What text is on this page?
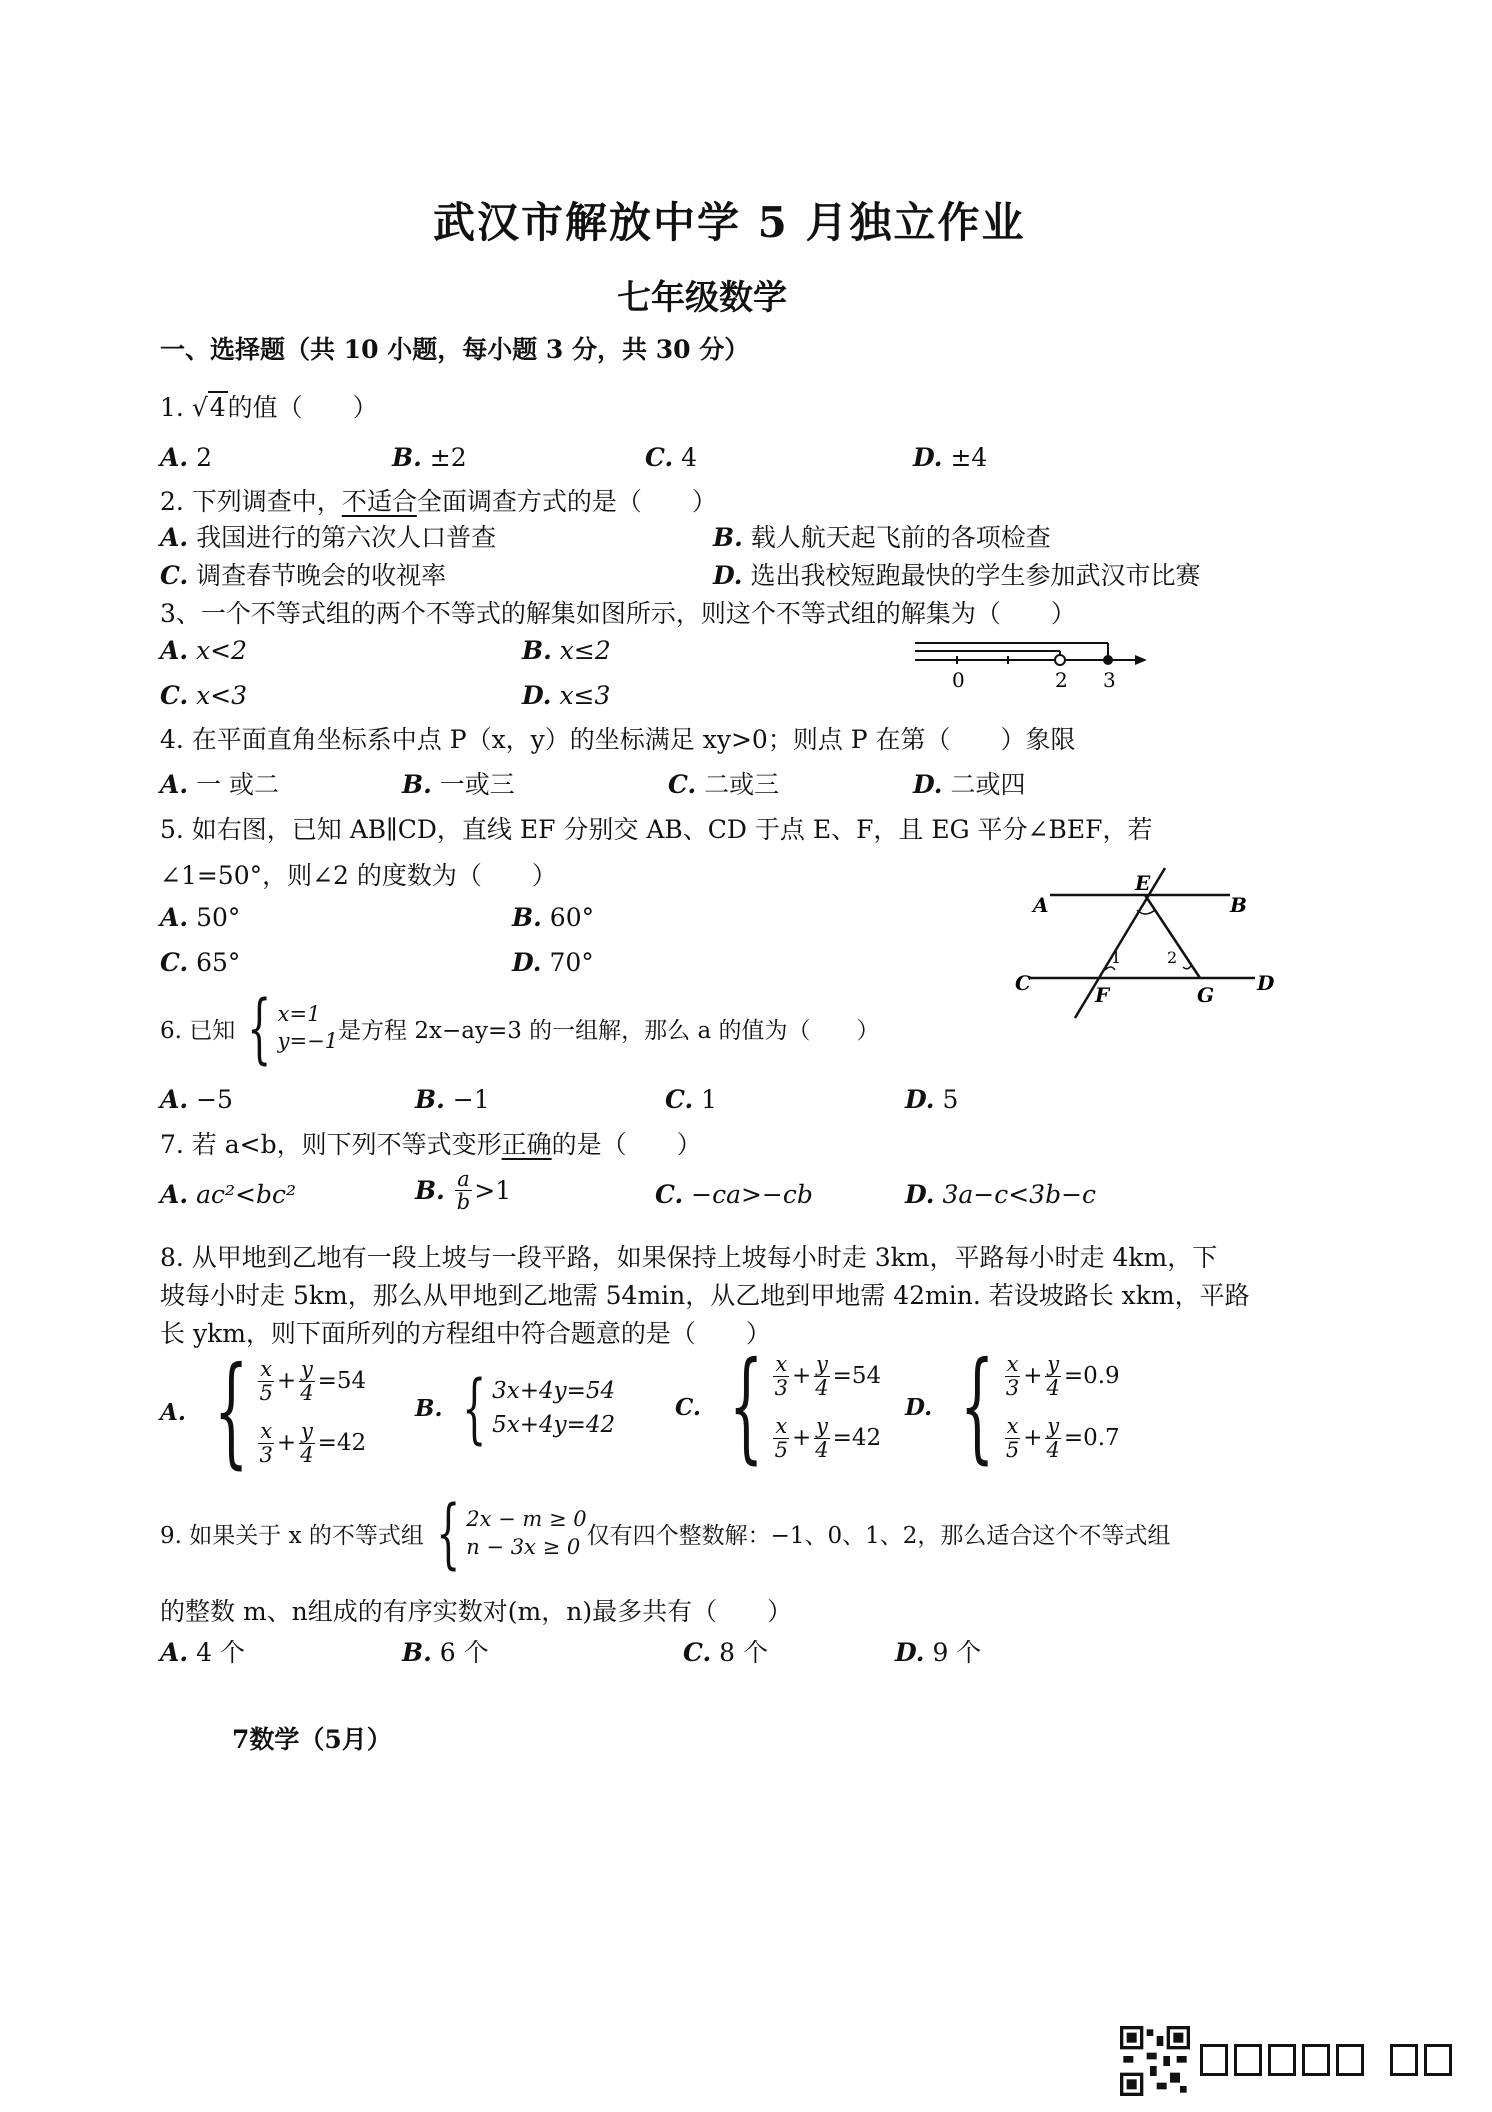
武汉市解放中学 5 月独立作业
七年级数学
一、选择题（共 10 小题，每小题 3 分，共 30 分）
1. √4的值（　　）
A. 2	B. ±2	C. 4	D. ±4
2. 下列调查中，不适合全面调查方式的是（　　）
A. 我国进行的第六次人口普查	B. 载人航天起飞前的各项检查
C. 调查春节晚会的收视率	D. 选出我校短跑最快的学生参加武汉市比赛
3、一个不等式组的两个不等式的解集如图所示，则这个不等式组的解集为（　　）
A. x<2	B. x≤2
C. x<3	D. x≤3
0	2 3
4. 在平面直角坐标系中点 P（x，y）的坐标满足 xy>0；则点 P 在第（　　）象限
A. 一 或二	B. 一或三	C. 二或三	D. 二或四
5. 如右图，已知 AB∥CD，直线 EF 分别交 AB、CD 于点 E、F，且 EG 平分∠BEF，若
∠1=50°，则∠2 的度数为（　　）
A. 50°	B. 60°
C. 65°	D. 70°
E
A	B
C	D
F	G
1	2
6. 已知 { x=1
y=−1 是方程 2x−ay=3 的一组解，那么 a 的值为（　　）
A. −5	B. −1	C. 1	D. 5
7. 若 a<b，则下列不等式变形正确的是（　　）
A. ac²<bc²	B.
$\frac{a}{b} >1$	C. −ca>−cb	D. 3a−c<3b−c
8. 从甲地到乙地有一段上坡与一段平路，如果保持上坡每小时走 3km，平路每小时走 4km，下
坡每小时走 5km，那么从甲地到乙地需 54min，从乙地到甲地需 42min. 若设坡路长 xkm，平路
长 ykm，则下面所列的方程组中符合题意的是（　　）
A.
{ $\frac{x}{5} + \frac{y}{4} =54$
$\frac{x}{3} + \frac{y}{4} =42$
B.
{ 3x+4y=54
5x+4y=42
C.
{ $\frac{x}{3} + \frac{y}{4} =54$
$\frac{x}{5} + \frac{y}{4} =42$
D.
{ $\frac{x}{3} + \frac{y}{4} =0.9$
$\frac{x}{5} + \frac{y}{4} =0.7$
9. 如果关于 x 的不等式组 { 2x − m ≥ 0
n − 3x ≥ 0 仅有四个整数解：−1、0、1、2，那么适合这个不等式组
的整数 m、n组成的有序实数对(m，n)最多共有（　　）
A. 4 个	B. 6 个	C. 8 个	D. 9 个
7数学（5月）
